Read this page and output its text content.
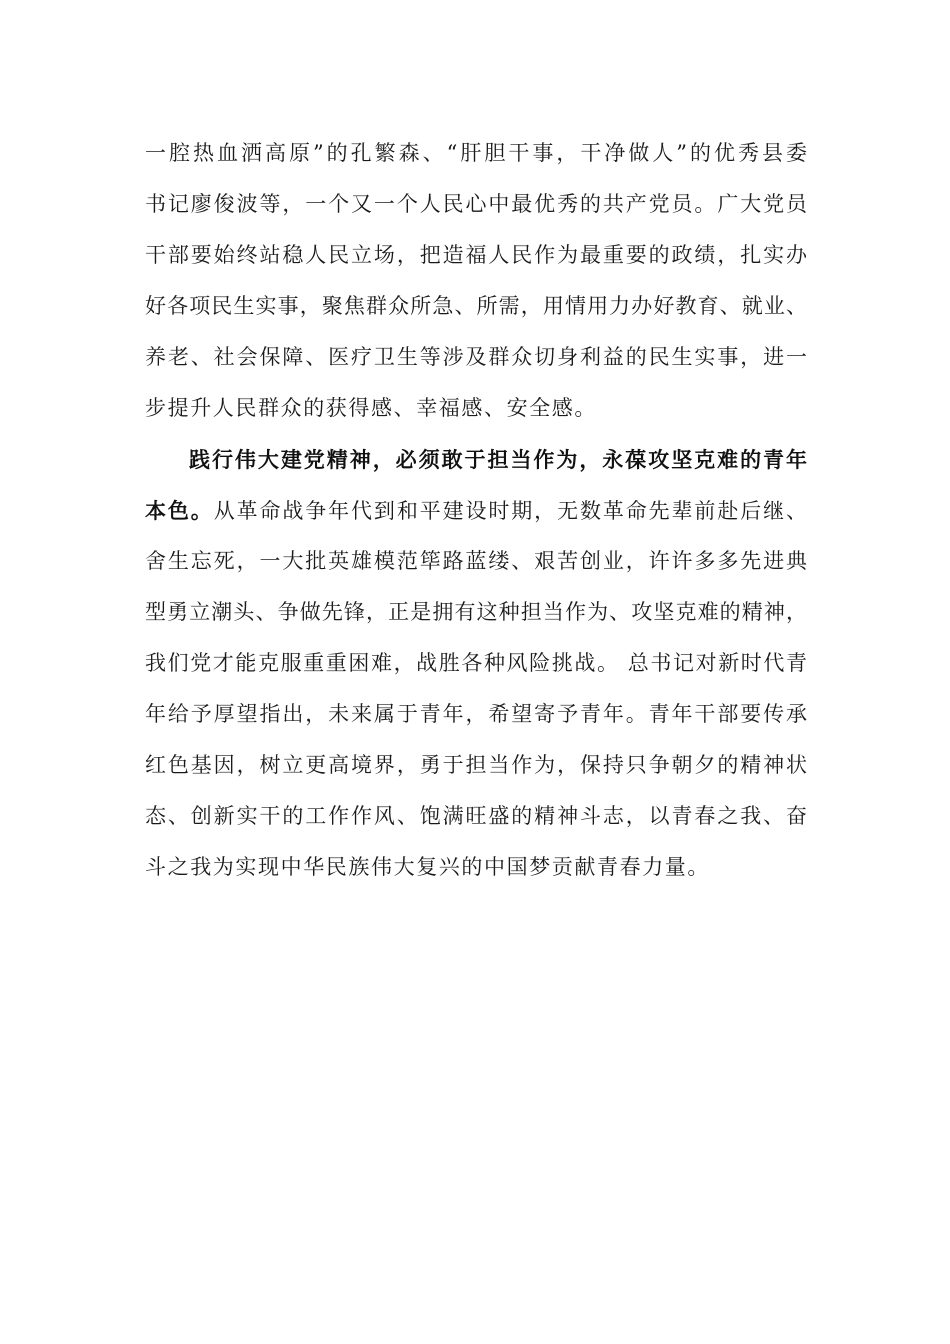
一腔热血洒高原”的孔繁森、“肝胆干事，干净做人”的优秀县委
书记廖俊波等，一个又一个人民心中最优秀的共产党员。广大党员
干部要始终站稳人民立场，把造福人民作为最重要的政绩，扎实办
好各项民生实事，聚焦群众所急、所需，用情用力办好教育、就业、
养老、社会保障、医疗卫生等涉及群众切身利益的民生实事，进一
步提升人民群众的获得感、幸福感、安全感。
践行伟大建党精神，必须敢于担当作为，永葆攻坚克难的青年
本色。从革命战争年代到和平建设时期，无数革命先辈前赴后继、
舍生忘死，一大批英雄模范筚路蓝缕、艰苦创业，许许多多先进典
型勇立潮头、争做先锋，正是拥有这种担当作为、攻坚克难的精神，
我们党才能克服重重困难，战胜各种风险挑战。 总书记对新时代青
年给予厚望指出，未来属于青年，希望寄予青年。青年干部要传承
红色基因，树立更高境界，勇于担当作为，保持只争朝夕的精神状
态、创新实干的工作作风、饱满旺盛的精神斗志，以青春之我、奋
斗之我为实现中华民族伟大复兴的中国梦贡献青春力量。
